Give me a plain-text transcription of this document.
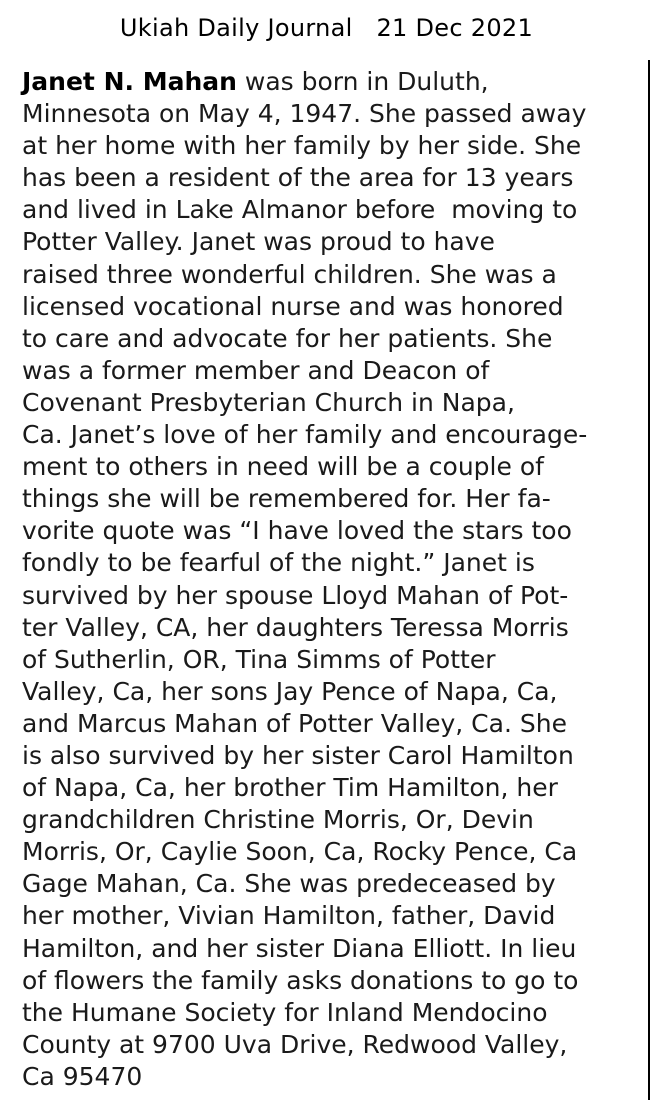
Ukiah Daily Journal 21 Dec 2021
Janet N. Mahan was born in Duluth,
Minnesota on May 4, 1947. She passed away
at her home with her family by her side. She
has been a resident of the area for 13 years
and lived in Lake Almanor before  moving to
Potter Valley. Janet was proud to have
raised three wonderful children. She was a
licensed vocational nurse and was honored
to care and advocate for her patients. She
was a former member and Deacon of
Covenant Presbyterian Church in Napa,
Ca. Janet’s love of her family and encourage-
ment to others in need will be a couple of
things she will be remembered for. Her fa-
vorite quote was “I have loved the stars too
fondly to be fearful of the night.” Janet is
survived by her spouse Lloyd Mahan of Pot-
ter Valley, CA, her daughters Teressa Morris
of Sutherlin, OR, Tina Simms of Potter
Valley, Ca, her sons Jay Pence of Napa, Ca,
and Marcus Mahan of Potter Valley, Ca. She
is also survived by her sister Carol Hamilton
of Napa, Ca, her brother Tim Hamilton, her
grandchildren Christine Morris, Or, Devin
Morris, Or, Caylie Soon, Ca, Rocky Pence, Ca
Gage Mahan, Ca. She was predeceased by
her mother, Vivian Hamilton, father, David
Hamilton, and her sister Diana Elliott. In lieu
of flowers the family asks donations to go to
the Humane Society for Inland Mendocino
County at 9700 Uva Drive, Redwood Valley,
Ca 95470
